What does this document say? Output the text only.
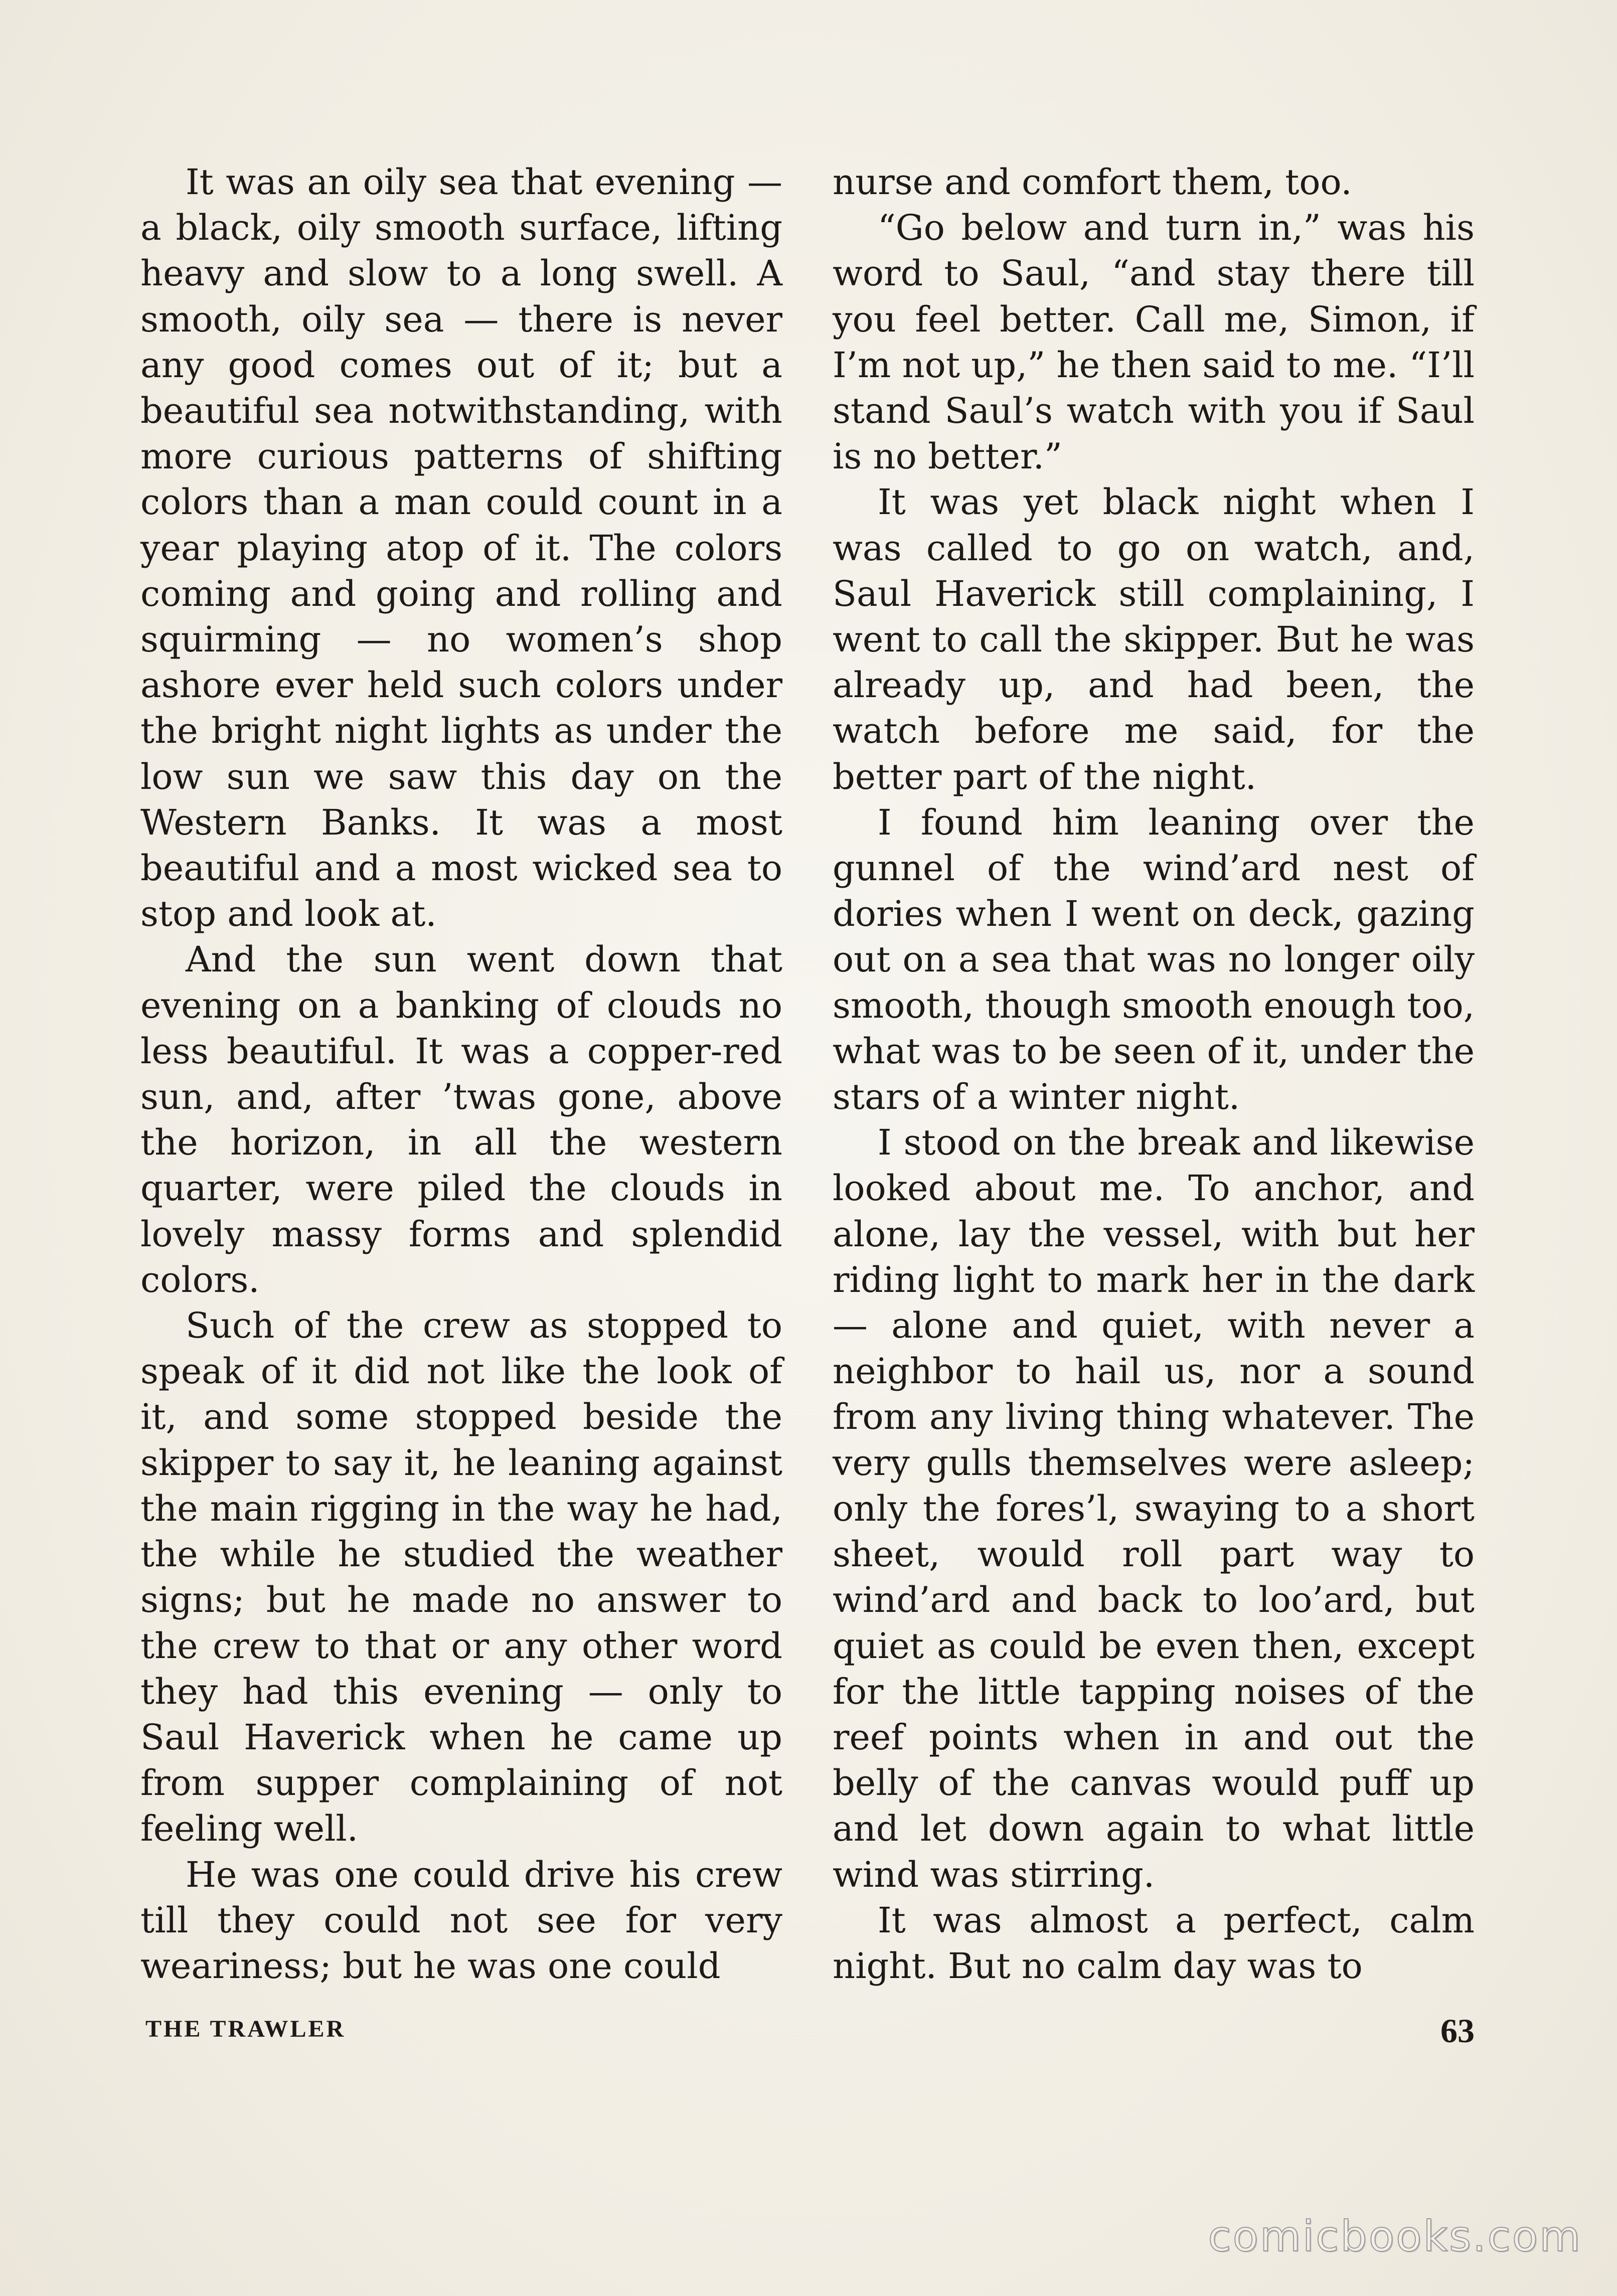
It was an oily sea that evening — a black, oily smooth surface, lifting heavy and slow to a long swell. A smooth, oily sea — there is never any good comes out of it; but a beautiful sea notwithstanding, with more curious patterns of shifting colors than a man could count in a year playing atop of it. The colors coming and going and rolling and squirming — no women’s shop ashore ever held such colors under the bright night lights as under the low sun we saw this day on the Western Banks. It was a most beautiful and a most wicked sea to stop and look at.

And the sun went down that evening on a banking of clouds no less beautiful. It was a copper-red sun, and, after ’twas gone, above the horizon, in all the western quarter, were piled the clouds in lovely massy forms and splendid colors.

Such of the crew as stopped to speak of it did not like the look of it, and some stopped beside the skipper to say it, he leaning against the main rigging in the way he had, the while he studied the weather signs; but he made no answer to the crew to that or any other word they had this evening — only to Saul Haverick when he came up from supper complaining of not feeling well.

He was one could drive his crew till they could not see for very weariness; but he was one could

nurse and comfort them, too.

“Go below and turn in,” was his word to Saul, “and stay there till you feel better. Call me, Simon, if I’m not up,” he then said to me. “I’ll stand Saul’s watch with you if Saul is no better.”

It was yet black night when I was called to go on watch, and, Saul Haverick still complaining, I went to call the skipper. But he was already up, and had been, the watch before me said, for the better part of the night.

I found him leaning over the gunnel of the wind’ard nest of dories when I went on deck, gazing out on a sea that was no longer oily smooth, though smooth enough too, what was to be seen of it, under the stars of a winter night.

I stood on the break and likewise looked about me. To anchor, and alone, lay the vessel, with but her riding light to mark her in the dark — alone and quiet, with never a neighbor to hail us, nor a sound from any living thing whatever. The very gulls themselves were asleep; only the fores’l, swaying to a short sheet, would roll part way to wind’ard and back to loo’ard, but quiet as could be even then, except for the little tapping noises of the reef points when in and out the belly of the canvas would puff up and let down again to what little wind was stirring.

It was almost a perfect, calm night. But no calm day was to

THE TRAWLER	63
comicbooks.com
